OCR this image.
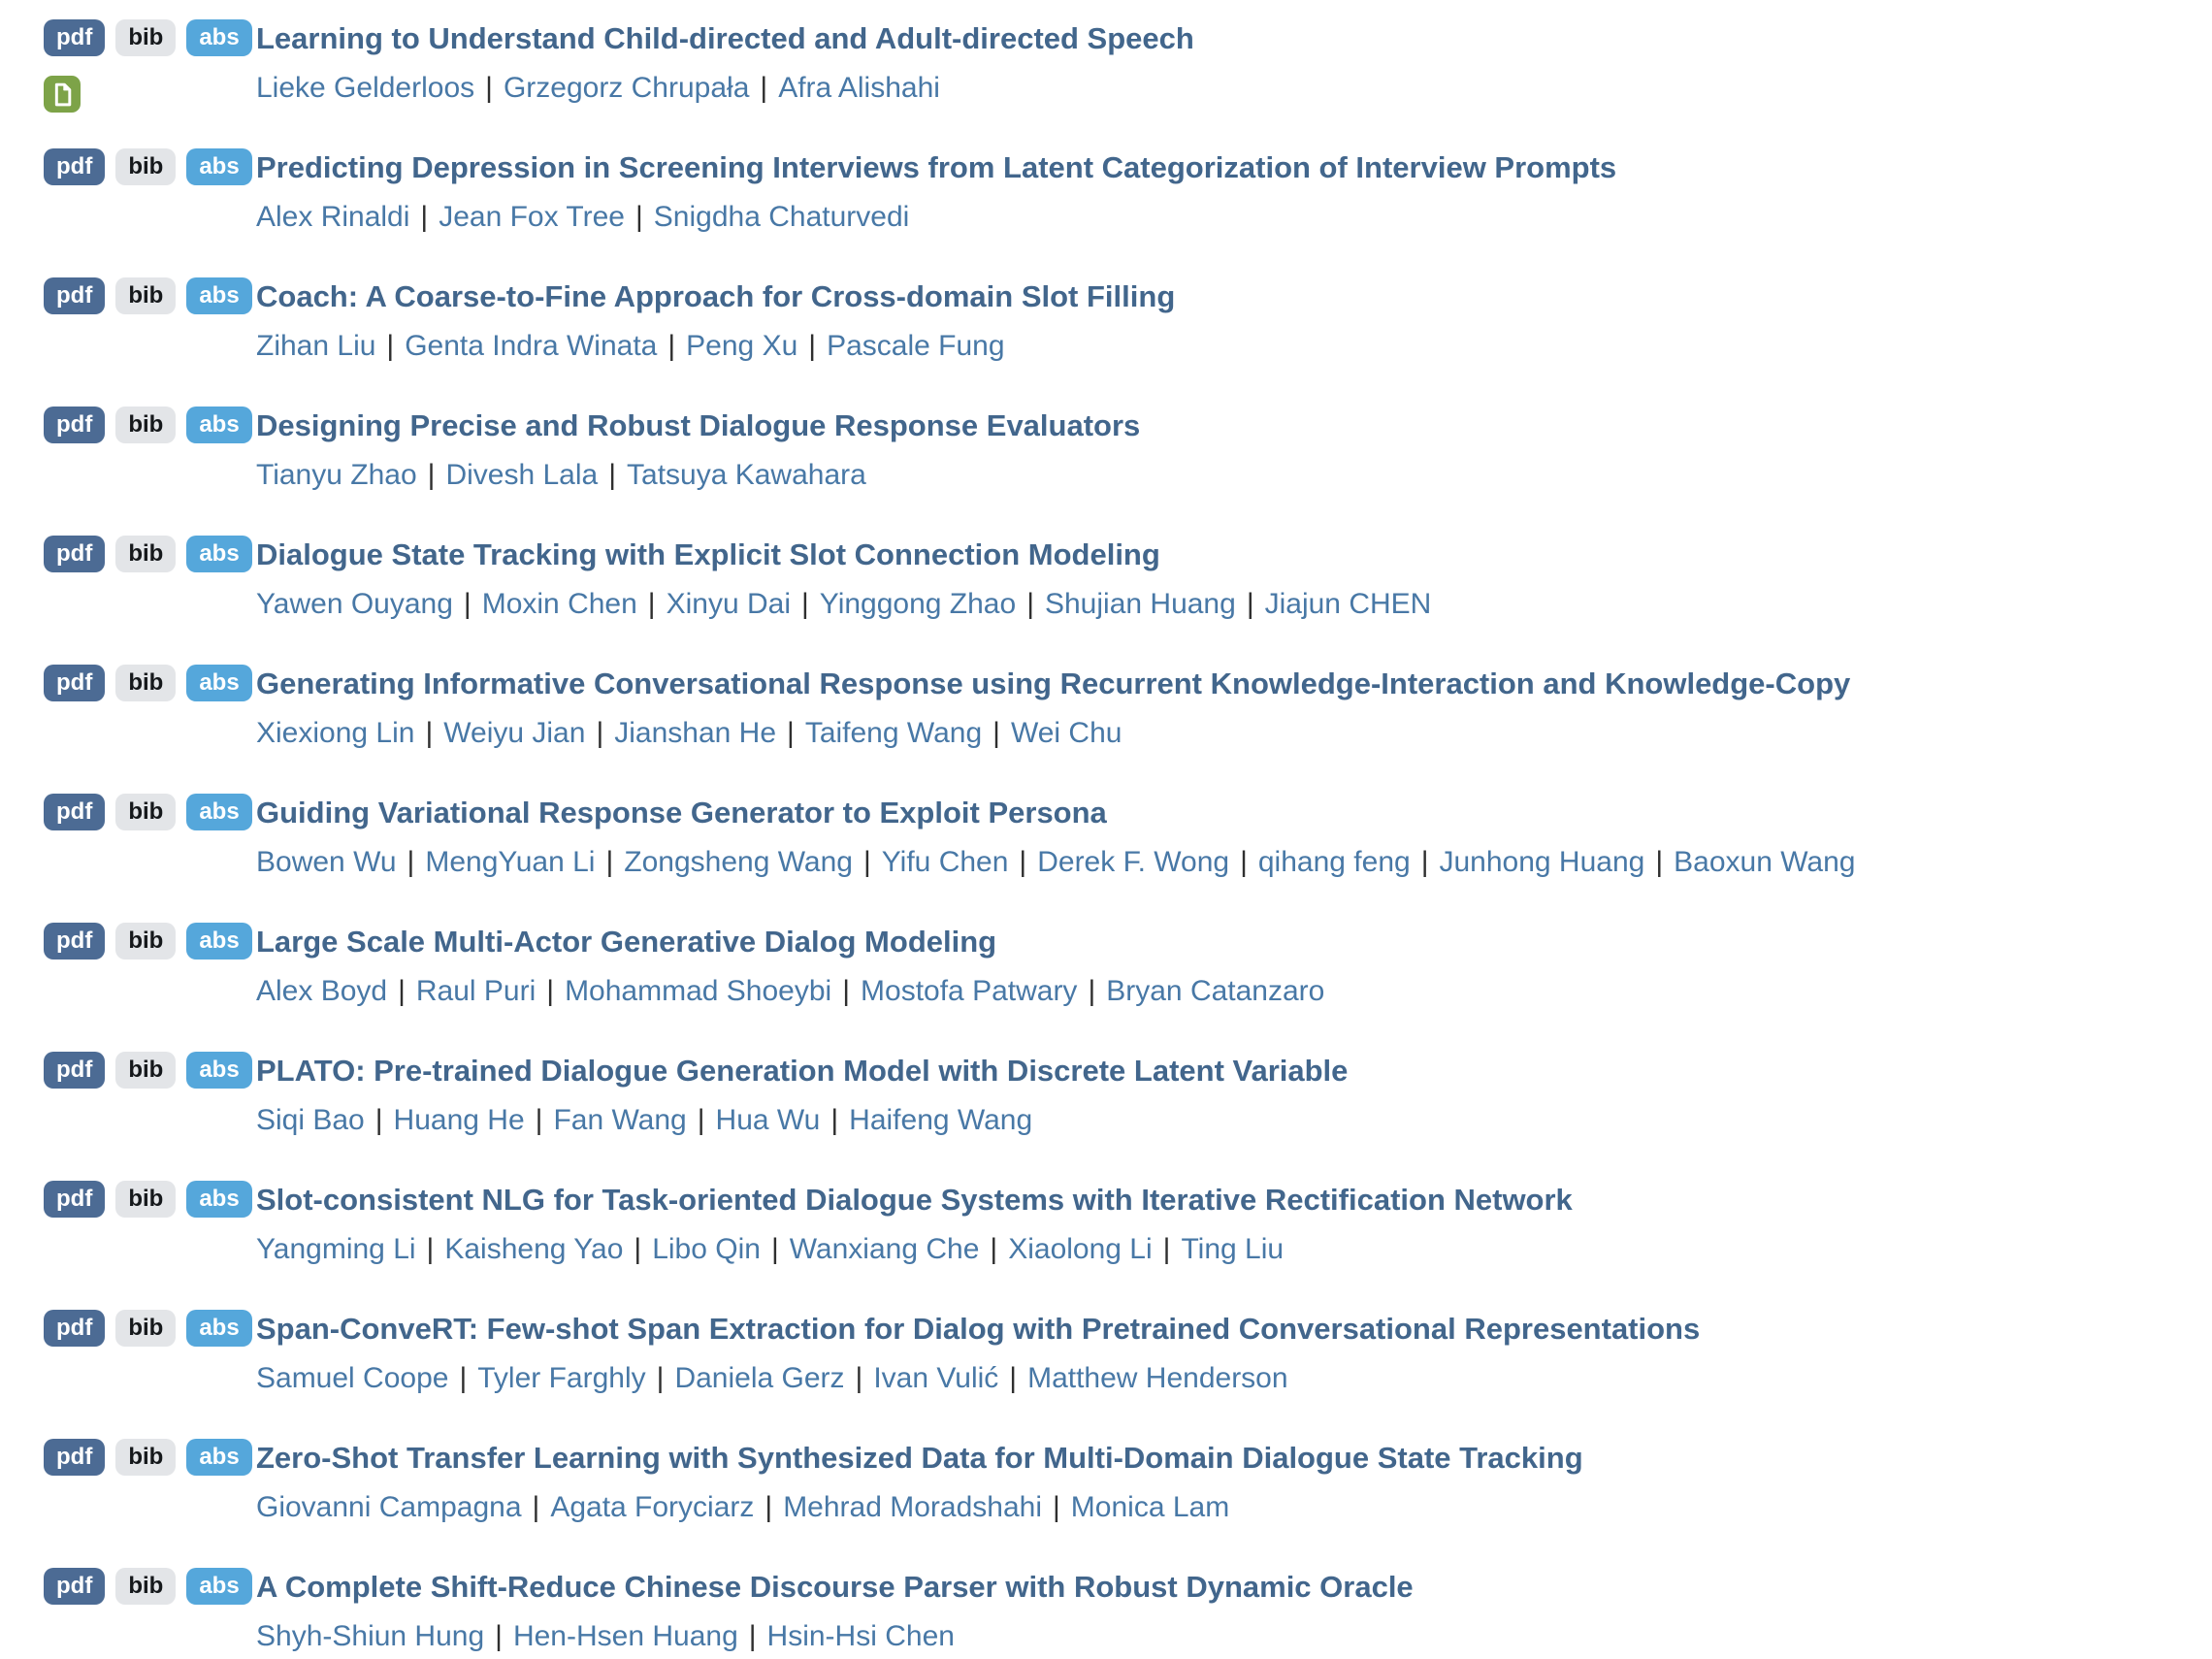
pdf	bib	abs Learning to Understand Child-directed and Adult-directed Speech
Lieke Gelderloos | Grzegorz Chrupała | Afra Alishahi
pdf	bib	abs Predicting Depression in Screening Interviews from Latent Categorization of Interview Prompts
Alex Rinaldi | Jean Fox Tree | Snigdha Chaturvedi
pdf	bib	abs Coach: A Coarse-to-Fine Approach for Cross-domain Slot Filling
Zihan Liu | Genta Indra Winata | Peng Xu | Pascale Fung
pdf	bib	abs Designing Precise and Robust Dialogue Response Evaluators
Tianyu Zhao | Divesh Lala | Tatsuya Kawahara
pdf	bib	abs Dialogue State Tracking with Explicit Slot Connection Modeling
Yawen Ouyang | Moxin Chen | Xinyu Dai | Yinggong Zhao | Shujian Huang | Jiajun CHEN
pdf	bib	abs Generating Informative Conversational Response using Recurrent Knowledge-Interaction and Knowledge-Copy
Xiexiong Lin | Weiyu Jian | Jianshan He | Taifeng Wang | Wei Chu
pdf	bib	abs Guiding Variational Response Generator to Exploit Persona
Bowen Wu | MengYuan Li | Zongsheng Wang | Yifu Chen | Derek F. Wong | qihang feng | Junhong Huang | Baoxun Wang
pdf	bib	abs Large Scale Multi-Actor Generative Dialog Modeling
Alex Boyd | Raul Puri | Mohammad Shoeybi | Mostofa Patwary | Bryan Catanzaro
pdf	bib	abs PLATO: Pre-trained Dialogue Generation Model with Discrete Latent Variable
Siqi Bao | Huang He | Fan Wang | Hua Wu | Haifeng Wang
pdf	bib	abs Slot-consistent NLG for Task-oriented Dialogue Systems with Iterative Rectification Network
Yangming Li | Kaisheng Yao | Libo Qin | Wanxiang Che | Xiaolong Li | Ting Liu
pdf	bib	abs Span-ConveRT: Few-shot Span Extraction for Dialog with Pretrained Conversational Representations
Samuel Coope | Tyler Farghly | Daniela Gerz | Ivan Vulić | Matthew Henderson
pdf	bib	abs Zero-Shot Transfer Learning with Synthesized Data for Multi-Domain Dialogue State Tracking
Giovanni Campagna | Agata Foryciarz | Mehrad Moradshahi | Monica Lam
pdf	bib	abs A Complete Shift-Reduce Chinese Discourse Parser with Robust Dynamic Oracle
Shyh-Shiun Hung | Hen-Hsen Huang | Hsin-Hsi Chen
